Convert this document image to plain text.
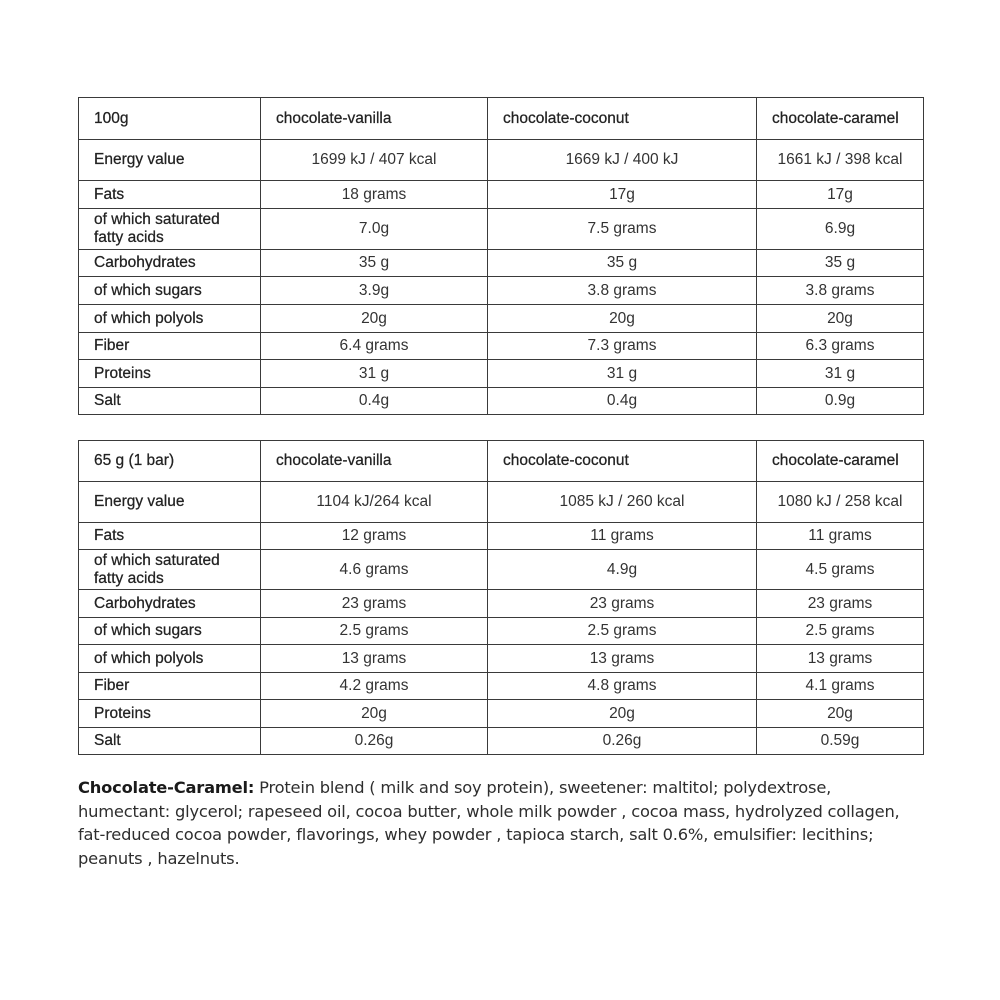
100g	chocolate-vanilla	chocolate-coconut	chocolate-caramel
Energy value	1699 kJ / 407 kcal	1669 kJ / 400 kJ	1661 kJ / 398 kcal
Fats	18 grams	17g	17g
of which saturated fatty acids	7.0g	7.5 grams	6.9g
Carbohydrates	35 g	35 g	35 g
of which sugars	3.9g	3.8 grams	3.8 grams
of which polyols	20g	20g	20g
Fiber	6.4 grams	7.3 grams	6.3 grams
Proteins	31 g	31 g	31 g
Salt	0.4g	0.4g	0.9g
65 g (1 bar)	chocolate-vanilla	chocolate-coconut	chocolate-caramel
Energy value	1104 kJ/264 kcal	1085 kJ / 260 kcal	1080 kJ / 258 kcal
Fats	12 grams	11 grams	11 grams
of which saturated fatty acids	4.6 grams	4.9g	4.5 grams
Carbohydrates	23 grams	23 grams	23 grams
of which sugars	2.5 grams	2.5 grams	2.5 grams
of which polyols	13 grams	13 grams	13 grams
Fiber	4.2 grams	4.8 grams	4.1 grams
Proteins	20g	20g	20g
Salt	0.26g	0.26g	0.59g
Chocolate-Caramel: Protein blend ( milk and soy protein), sweetener: maltitol; polydextrose, humectant: glycerol; rapeseed oil, cocoa butter, whole milk powder , cocoa mass, hydrolyzed collagen, fat-reduced cocoa powder, flavorings, whey powder , tapioca starch, salt 0.6%, emulsifier: lecithins; peanuts , hazelnuts.
